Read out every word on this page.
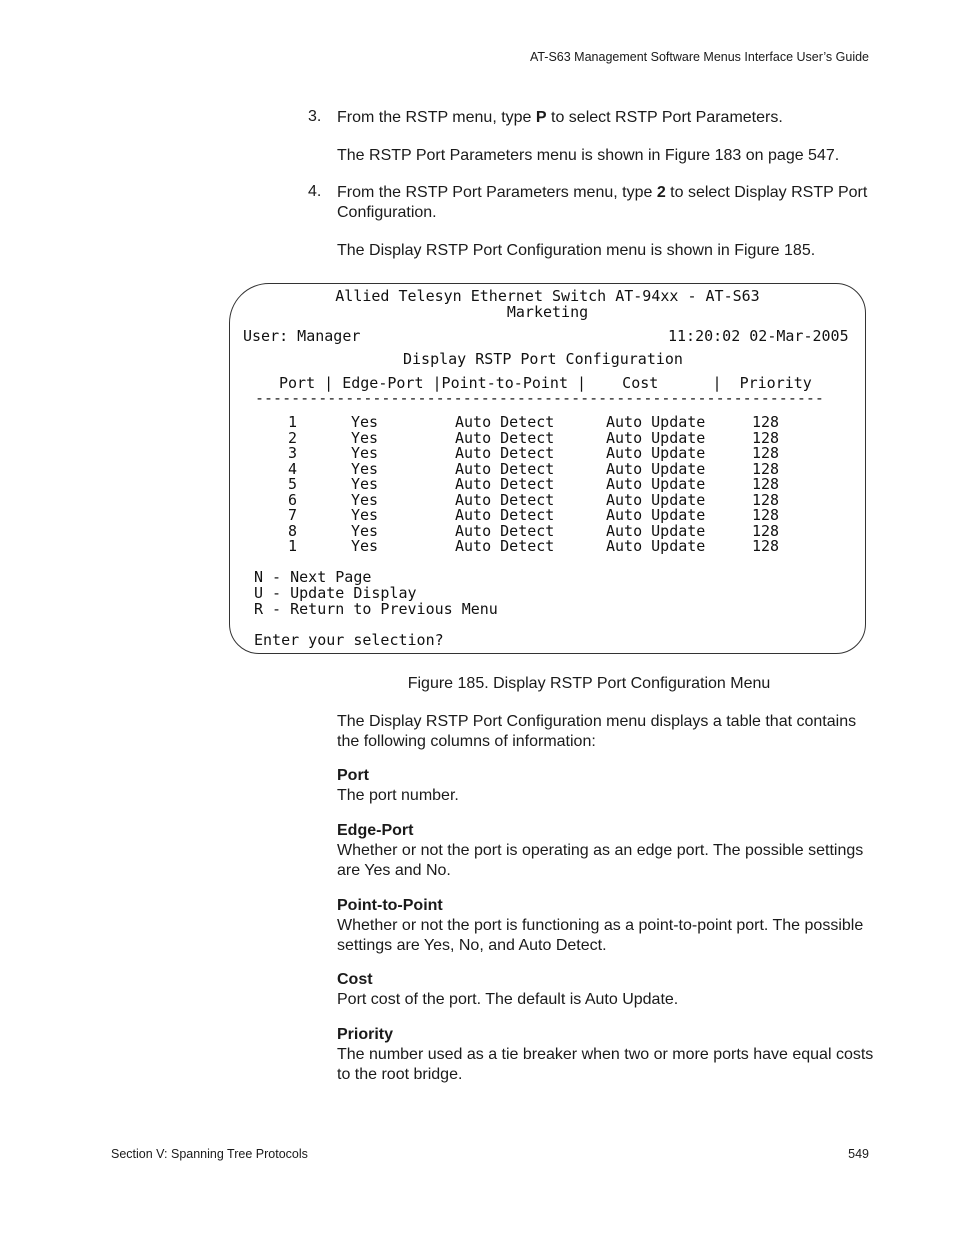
AT-S63 Management Software Menus Interface User’s Guide
3. From the RSTP menu, type P to select RSTP Port Parameters.
The RSTP Port Parameters menu is shown in Figure 183 on page 547.
4. From the RSTP Port Parameters menu, type 2 to select Display RSTP Port Configuration.
The Display RSTP Port Configuration menu is shown in Figure 185.
Allied Telesyn Ethernet Switch AT-94xx - AT-S63
Marketing
User: Manager	11:20:02 02-Mar-2005
Display RSTP Port Configuration
Port | Edge-Port |Point-to-Point |    Cost      |  Priority
---------------------------------------------------------------
1	Yes	Auto Detect	Auto Update	128
2	Yes	Auto Detect	Auto Update	128
3	Yes	Auto Detect	Auto Update	128
4	Yes	Auto Detect	Auto Update	128
5	Yes	Auto Detect	Auto Update	128
6	Yes	Auto Detect	Auto Update	128
7	Yes	Auto Detect	Auto Update	128
8	Yes	Auto Detect	Auto Update	128
1	Yes	Auto Detect	Auto Update	128
N - Next Page
U - Update Display
R - Return to Previous Menu
Enter your selection?
Figure 185. Display RSTP Port Configuration Menu
The Display RSTP Port Configuration menu displays a table that contains the following columns of information:
Port
The port number.
Edge-Port
Whether or not the port is operating as an edge port. The possible settings are Yes and No.
Point-to-Point
Whether or not the port is functioning as a point-to-point port. The possible settings are Yes, No, and Auto Detect.
Cost
Port cost of the port. The default is Auto Update.
Priority
The number used as a tie breaker when two or more ports have equal costs to the root bridge.
Section V: Spanning Tree Protocols	549
